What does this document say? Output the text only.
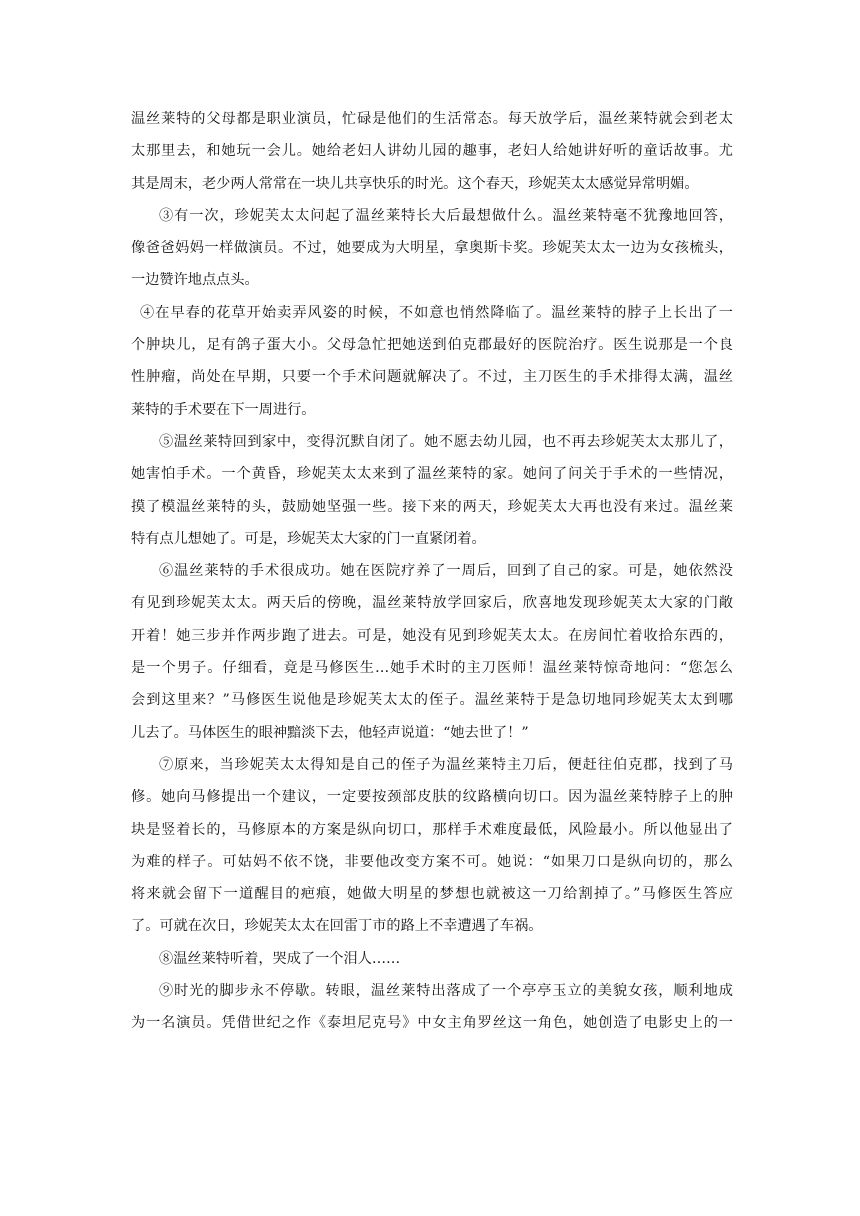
温丝莱特的父母都是职业演员，忙碌是他们的生活常态。每天放学后，温丝莱特就会到老太
太那里去，和她玩一会儿。她给老妇人讲幼儿园的趣事，老妇人给她讲好听的童话故事。尤
其是周末，老少两人常常在一块儿共享快乐的时光。这个春天，珍妮芙太太感觉异常明媚。
③有一次，珍妮芙太太问起了温丝莱特长大后最想做什么。温丝莱特毫不犹豫地回答，
像爸爸妈妈一样做演员。不过，她要成为大明星，拿奥斯卡奖。珍妮芙太太一边为女孩梳头，
一边赞许地点点头。
④在早春的花草开始卖弄风姿的时候，不如意也悄然降临了。温丝莱特的脖子上长出了一
个肿块儿，足有鸽子蛋大小。父母急忙把她送到伯克郡最好的医院治疗。医生说那是一个良
性肿瘤，尚处在早期，只要一个手术问题就解决了。不过，主刀医生的手术排得太满，温丝
莱特的手术要在下一周进行。
⑤温丝莱特回到家中，变得沉默自闭了。她不愿去幼儿园，也不再去珍妮芙太太那儿了，
她害怕手术。一个黄昏，珍妮芙太太来到了温丝莱特的家。她问了问关于手术的一些情况，
摸了模温丝莱特的头，鼓励她坚强一些。接下来的两天，珍妮芙太大再也没有来过。温丝莱
特有点儿想她了。可是，珍妮芙太大家的门一直紧闭着。
⑥温丝莱特的手术很成功。她在医院疗养了一周后，回到了自己的家。可是，她依然没
有见到珍妮芙太太。两天后的傍晚，温丝莱特放学回家后，欣喜地发现珍妮芙太大家的门敞
开着！她三步并作两步跑了进去。可是，她没有见到珍妮芙太太。在房间忙着收拾东西的，
是一个男子。仔细看，竟是马修医生…她手术时的主刀医师！温丝莱特惊奇地问：“您怎么
会到这里来？”马修医生说他是珍妮芙太太的侄子。温丝莱特于是急切地同珍妮芙太太到哪
儿去了。马体医生的眼神黯淡下去，他轻声说道：“她去世了！”
⑦原来，当珍妮芙太太得知是自己的侄子为温丝莱特主刀后，便赶往伯克郡，找到了马
修。她向马修提出一个建议，一定要按颈部皮肤的纹路横向切口。因为温丝莱特脖子上的肿
块是竖着长的，马修原本的方案是纵向切口，那样手术难度最低，风险最小。所以他显出了
为难的样子。可姑妈不依不饶，非要他改变方案不可。她说：“如果刀口是纵向切的，那么
将来就会留下一道醒目的疤痕，她做大明星的梦想也就被这一刀给割掉了。”马修医生答应
了。可就在次日，珍妮芙太太在回雷丁市的路上不幸遭遇了车祸。
⑧温丝莱特听着，哭成了一个泪人……
⑨时光的脚步永不停歇。转眼，温丝莱特出落成了一个亭亭玉立的美貌女孩，顺利地成
为一名演员。凭借世纪之作《泰坦尼克号》中女主角罗丝这一角色，她创造了电影史上的一
